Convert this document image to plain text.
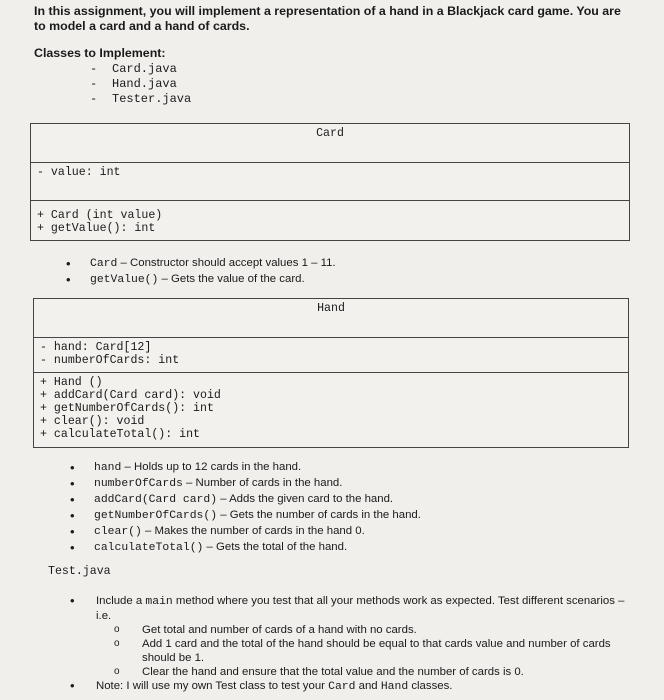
In this assignment, you will implement a representation of a hand in a Blackjack card game. You are to model a card and a hand of cards.
Classes to Implement:
-	Card.java
-	Hand.java
-	Tester.java
Card
- value: int
+ Card (int value)
+ getValue(): int
• Card – Constructor should accept values 1 – 11.
• getValue() – Gets the value of the card.
Hand
- hand: Card[12]
- numberOfCards: int
+ Hand ()
+ addCard(Card card): void
+ getNumberOfCards(): int
+ clear(): void
+ calculateTotal(): int
• hand – Holds up to 12 cards in the hand.
• numberOfCards – Number of cards in the hand.
• addCard(Card card) – Adds the given card to the hand.
• getNumberOfCards() – Gets the number of cards in the hand.
• clear() – Makes the number of cards in the hand 0.
• calculateTotal() – Gets the total of the hand.
Test.java
• Include a main method where you test that all your methods work as expected. Test different scenarios – i.e.
o Get total and number of cards of a hand with no cards.
o Add 1 card and the total of the hand should be equal to that cards value and number of cards should be 1.
o Clear the hand and ensure that the total value and the number of cards is 0.
• Note: I will use my own Test class to test your Card and Hand classes.
